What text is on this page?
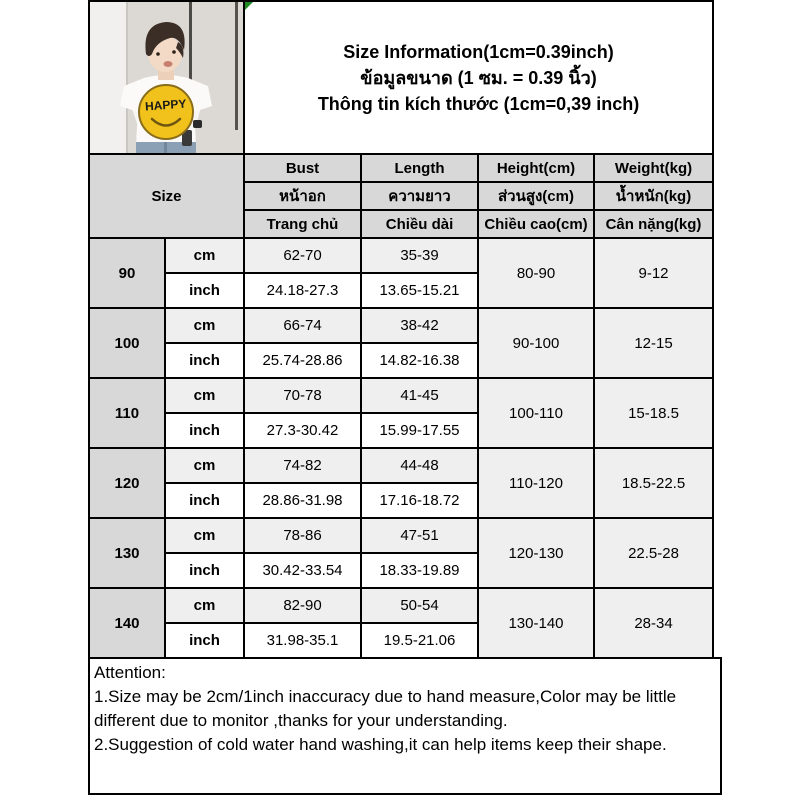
HAPPY		Size Information(1cm=0.39inch)
ข้อมูลขนาด (1 ซม. = 0.39 นิ้ว)
Thông tin kích thước (1cm=0,39 inch)			

Size		Bust	Length	Height(cm)	Weight(kg)
		หน้าอก	ความยาว	ส่วนสูง(cm)	น้ำหนัก(kg)
		Trang chủ	Chiều dài	Chiều cao(cm)	Cân nặng(kg)
90	cm	62-70	35-39	80-90	9-12
	inch	24.18-27.3	13.65-15.21		
100	cm	66-74	38-42	90-100	12-15
	inch	25.74-28.86	14.82-16.38		
110	cm	70-78	41-45	100-110	15-18.5
	inch	27.3-30.42	15.99-17.55		
120	cm	74-82	44-48	110-120	18.5-22.5
	inch	28.86-31.98	17.16-18.72		
130	cm	78-86	47-51	120-130	22.5-28
	inch	30.42-33.54	18.33-19.89		
140	cm	82-90	50-54	130-140	28-34
	inch	31.98-35.1	19.5-21.06		
Attention:
1.Size may be 2cm/1inch inaccuracy due to hand measure,Color may be little different due to monitor ,thanks for your understanding.
2.Suggestion of cold water hand washing,it can help items keep their shape.
